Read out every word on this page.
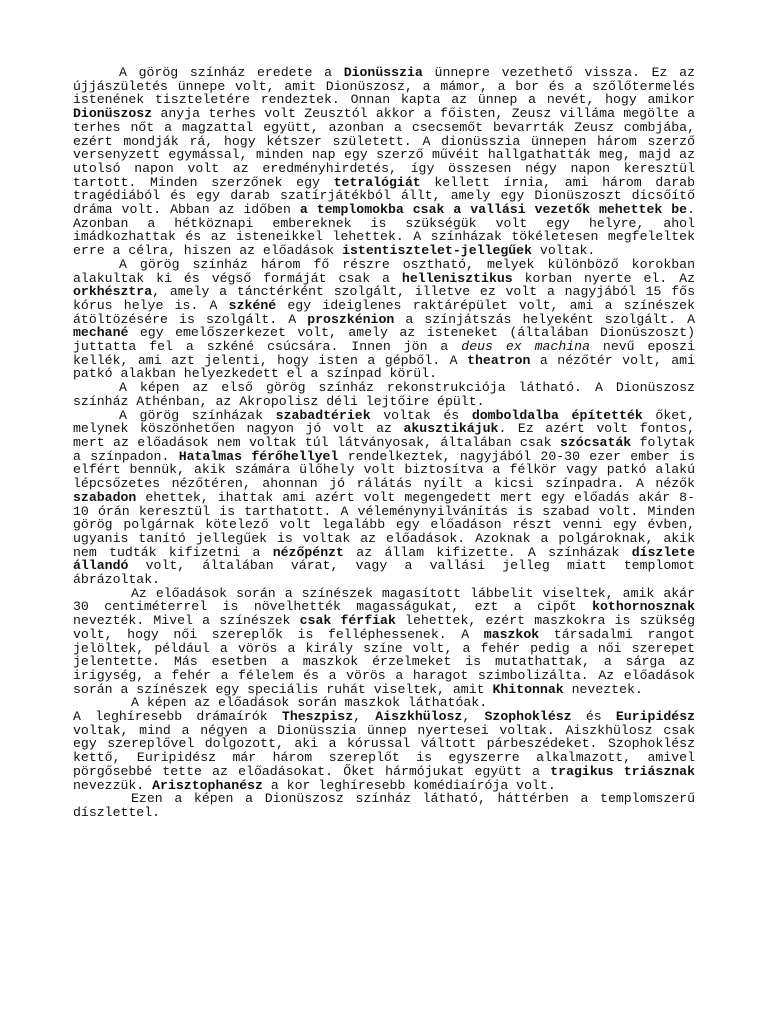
A görög színház eredete a Dionüsszia ünnepre vezethető vissza. Ez az újjászületés ünnepe volt, amit Dionüszosz, a mámor, a bor és a szőlőtermelés istenének tiszteletére rendeztek. Onnan kapta az ünnep a nevét, hogy amikor Dionüszosz anyja terhes volt Zeusztól akkor a főisten, Zeusz villáma megölte a terhes nőt a magzattal együtt, azonban a csecsemőt bevarrták Zeusz combjába, ezért mondják rá, hogy kétszer született. A dionüsszia ünnepen három szerző versenyzett egymással, minden nap egy szerző művéit hallgathatták meg, majd az utolsó napon volt az eredményhirdetés, így összesen négy napon keresztül tartott. Minden szerzőnek egy tetralógiát kellett írnia, ami három darab tragédiából és egy darab szatírjátékból állt, amely egy Dionüszoszt dicsőítő dráma volt. Abban az időben a templomokba csak a vallási vezetők mehettek be. Azonban a hétköznapi embereknek is szükségük volt egy helyre, ahol imádkozhattak és az isteneikkel lehettek. A színházak tökéletesen megfeleltek erre a célra, hiszen az előadások istentisztelet-jellegűek voltak.

A görög színház három fő részre osztható, melyek különböző korokban alakultak ki és végső formáját csak a hellenisztikus korban nyerte el. Az orkhésztra, amely a tánctérként szolgált, illetve ez volt a nagyjából 15 fős kórus helye is. A szkéné egy ideiglenes raktárépület volt, ami a színészek átöltözésére is szolgált. A proszkénion a színjátszás helyeként szolgált. A mechané egy emelőszerkezet volt, amely az isteneket (általában Dionüszoszt) juttatta fel a szkéné csúcsára. Innen jön a deus ex machina nevű eposzi kellék, ami azt jelenti, hogy isten a gépből. A theatron a nézőtér volt, ami patkó alakban helyezkedett el a színpad körül.

A képen az első görög színház rekonstrukciója látható. A Dionüszosz színház Athénban, az Akropolisz déli lejtőire épült.

A görög színházak szabadtériek voltak és domboldalba építették őket, melynek köszönhetően nagyon jó volt az akusztikájuk. Ez azért volt fontos, mert az előadások nem voltak túl látványosak, általában csak szócsaták folytak a színpadon. Hatalmas férőhellyel rendelkeztek, nagyjából 20-30 ezer ember is elfért bennük, akik számára ülőhely volt biztosítva a félkör vagy patkó alakú lépcsőzetes nézőtéren, ahonnan jó rálátás nyílt a kicsi színpadra. A nézők szabadon ehettek, ihattak ami azért volt megengedett mert egy előadás akár 8-10 órán keresztül is tarthatott. A véleménynyilvánítás is szabad volt. Minden görög polgárnak kötelező volt legalább egy előadáson részt venni egy évben, ugyanis tanító jellegűek is voltak az előadások. Azoknak a polgároknak, akik nem tudták kifizetni a nézőpénzt az állam kifizette. A színházak díszlete állandó volt, általában várat, vagy a vallási jelleg miatt templomot ábrázoltak.

Az előadások során a színészek magasított lábbelit viseltek, amik akár 30 centiméterrel is növelhették magasságukat, ezt a cipőt kothornosznak nevezték. Mivel a színészek csak férfiak lehettek, ezért maszkokra is szükség volt, hogy női szereplők is felléphessenek. A maszkok társadalmi rangot jelöltek, például a vörös a király színe volt, a fehér pedig a női szerepet jelentette. Más esetben a maszkok érzelmeket is mutathattak, a sárga az irigység, a fehér a félelem és a vörös a haragot szimbolizálta. Az előadások során a színészek egy speciális ruhát viseltek, amit Khitonnak neveztek.

A képen az előadások során maszkok láthatóak.

A leghíresebb drámaírók Theszpisz, Aiszkhülosz, Szophoklész és Euripidész voltak, mind a négyen a Dionüsszia ünnep nyertesei voltak. Aiszkhülosz csak egy szereplővel dolgozott, aki a kórussal váltott párbeszédeket. Szophoklész kettő, Euripidész már három szereplőt is egyszerre alkalmazott, amivel pörgősebbé tette az előadásokat. Őket hármójukat együtt a tragikus triásznak nevezzük. Arisztophanész a kor leghíresebb komédiaírója volt.

Ezen a képen a Dionüszosz színház látható, háttérben a templomszerű díszlettel.
